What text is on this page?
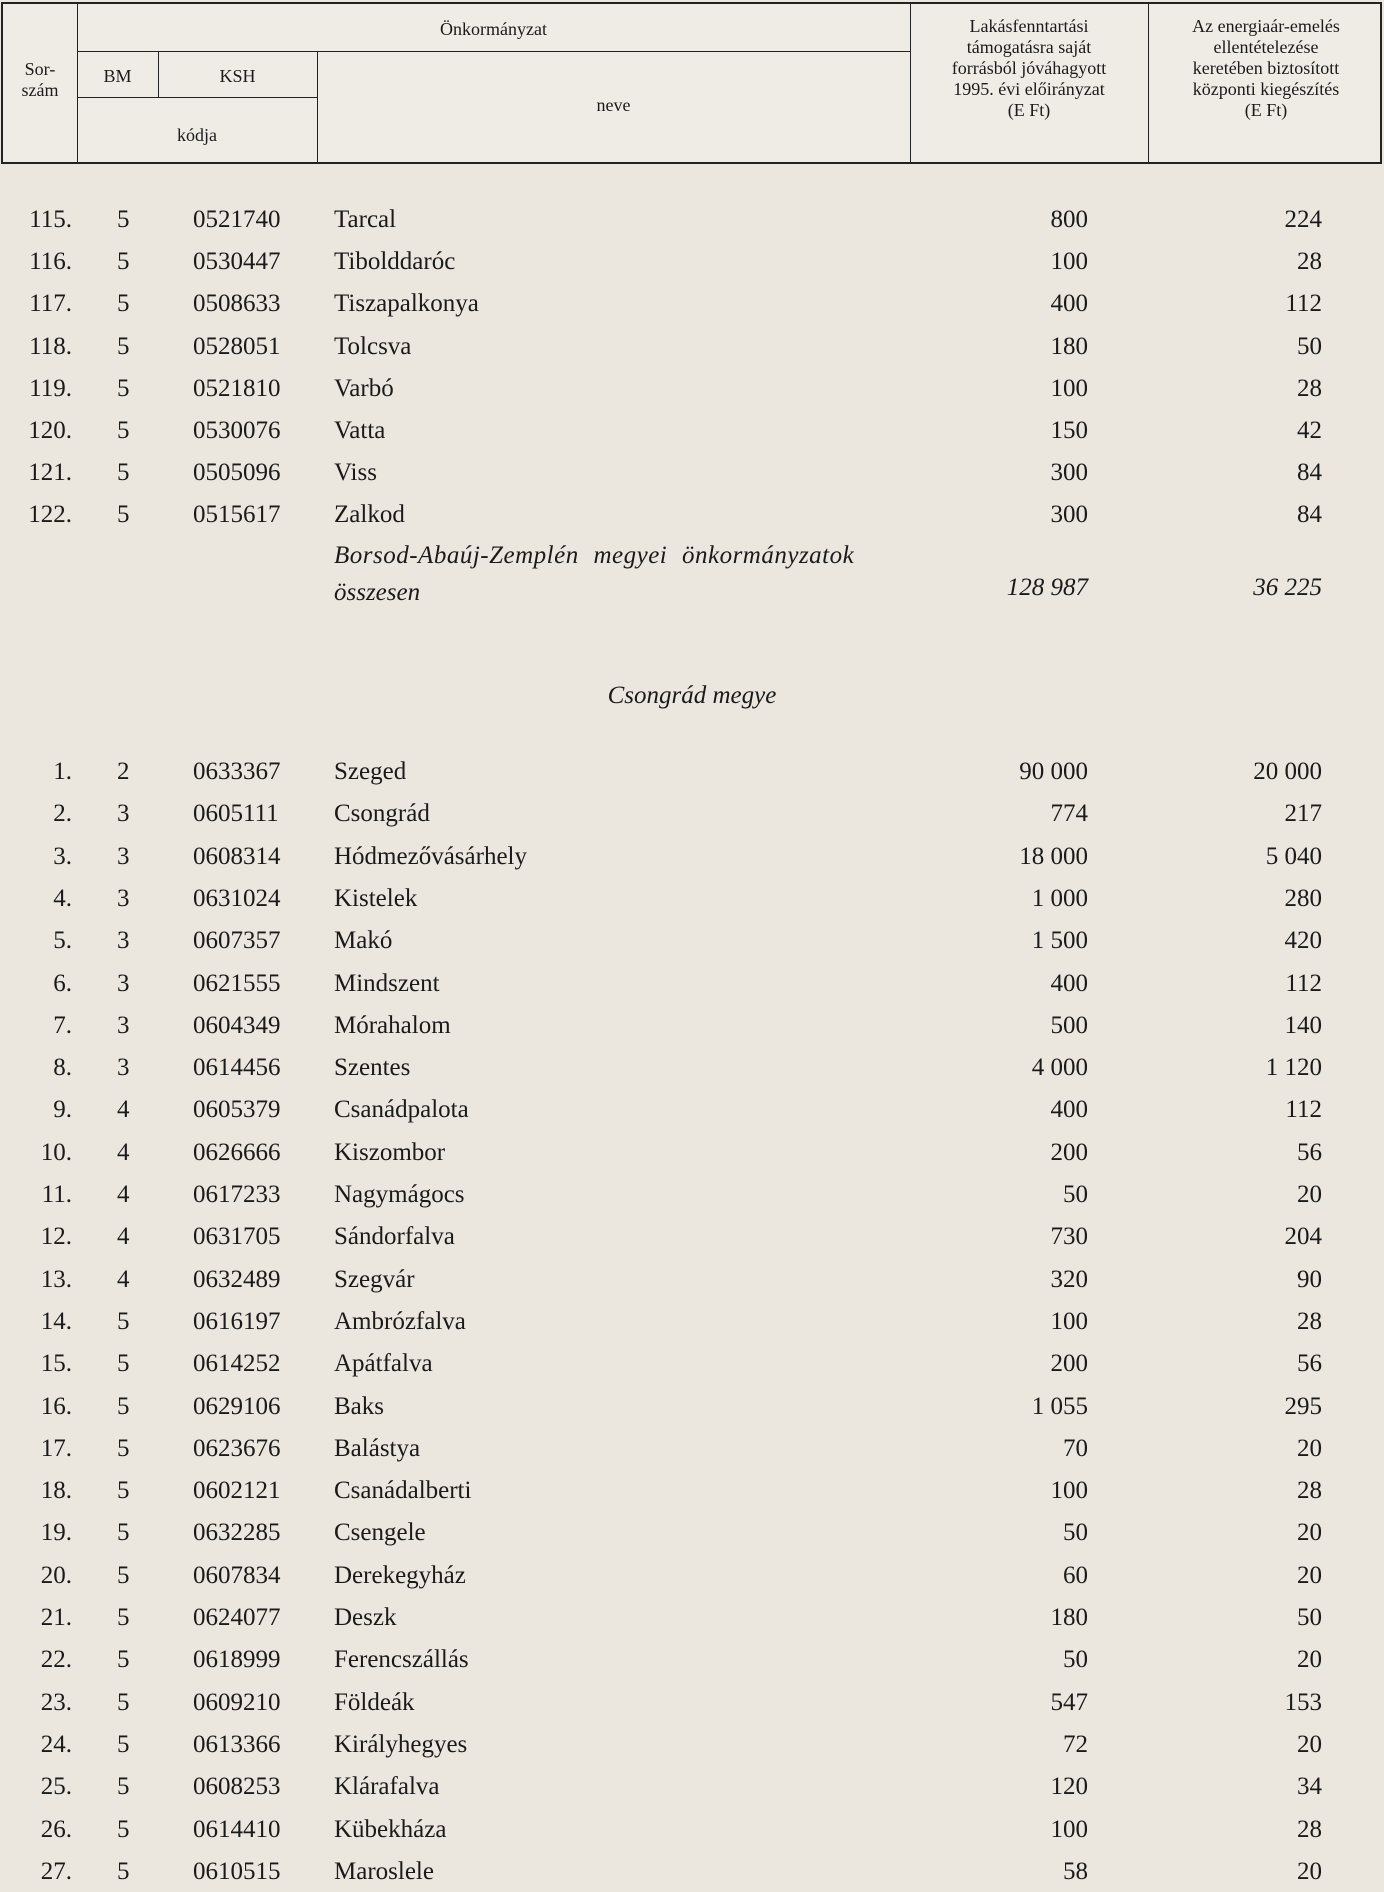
Önkormányzat
Sor-
szám
BM	KSH
kódja
neve
Lakásfenntartási
támogatásra saját
forrásból jóváhagyott
1995. évi előirányzat
(E Ft)
Az energiaár-emelés
ellentételezése
keretében biztosított
központi kiegészítés
(E Ft)
115. 5	0521740 Tarcal	800	224
116. 5	0530447 Tibolddaróc	100	28
117. 5	0508633 Tiszapalkonya	400	112
118. 5	0528051 Tolcsva	180	50
119. 5	0521810 Varbó	100	28
120. 5	0530076 Vatta	150	42
121. 5	0505096 Viss	300	84
122. 5	0515617 Zalkod	300	84
Borsod-Abaúj-Zemplén megyei önkormányzatok
összesen	128 987	36 225
Csongrád megye
1. 2	0633367 Szeged	90 000	20 000
2. 3	0605111 Csongrád	774	217
3. 3	0608314 Hódmezővásárhely	18 000	5 040
4. 3	0631024 Kistelek	1 000	280
5. 3	0607357 Makó	1 500	420
6. 3	0621555 Mindszent	400	112
7. 3	0604349 Mórahalom	500	140
8. 3	0614456 Szentes	4 000	1 120
9. 4	0605379 Csanádpalota	400	112
10. 4	0626666 Kiszombor	200	56
11. 4	0617233 Nagymágocs	50	20
12. 4	0631705 Sándorfalva	730	204
13. 4	0632489 Szegvár	320	90
14. 5	0616197 Ambrózfalva	100	28
15. 5	0614252 Apátfalva	200	56
16. 5	0629106 Baks	1 055	295
17. 5	0623676 Balástya	70	20
18. 5	0602121 Csanádalberti	100	28
19. 5	0632285 Csengele	50	20
20. 5	0607834 Derekegyház	60	20
21. 5	0624077 Deszk	180	50
22. 5	0618999 Ferencszállás	50	20
23. 5	0609210 Földeák	547	153
24. 5	0613366 Királyhegyes	72	20
25. 5	0608253 Klárafalva	120	34
26. 5	0614410 Kübekháza	100	28
27. 5	0610515 Maroslele	58	20
